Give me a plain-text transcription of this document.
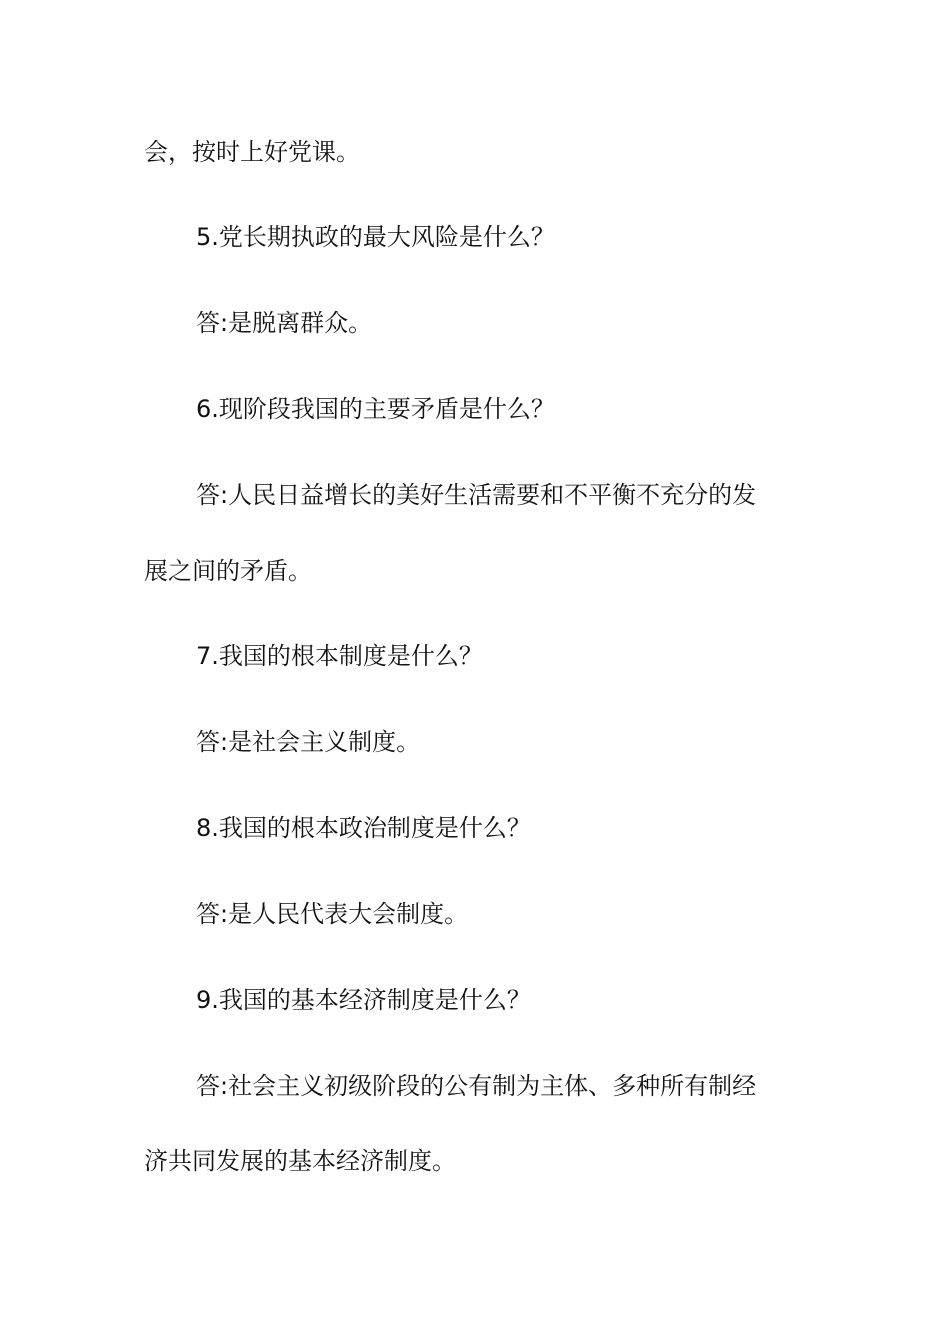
会，按时上好党课。
5.党长期执政的最大风险是什么？
答:是脱离群众。
6.现阶段我国的主要矛盾是什么？
答:人民日益增长的美好生活需要和不平衡不充分的发
展之间的矛盾。
7.我国的根本制度是什么？
答:是社会主义制度。
8.我国的根本政治制度是什么？
答:是人民代表大会制度。
9.我国的基本经济制度是什么？
答:社会主义初级阶段的公有制为主体、多种所有制经
济共同发展的基本经济制度。
